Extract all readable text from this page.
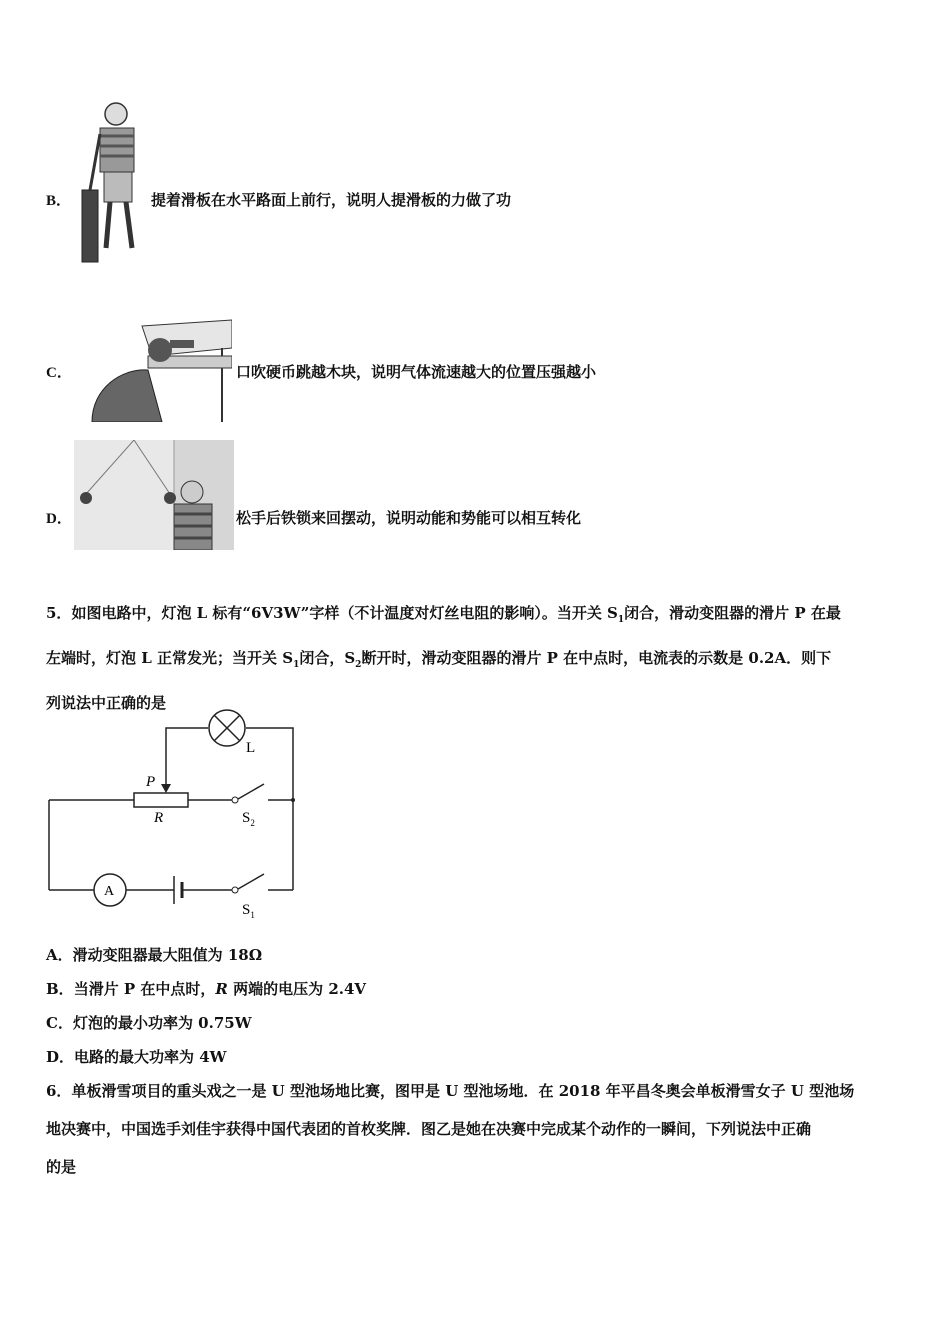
B．	提着滑板在水平路面上前行，说明人提滑板的力做了功
C．	口吹硬币跳越木块，说明气体流速越大的位置压强越小
D．	松手后铁锁来回摆动，说明动能和势能可以相互转化
5．如图电路中，灯泡 L 标有“6V3W”字样（不计温度对灯丝电阻的影响）。当开关 $S_1$闭合，滑动变阻器的滑片 P 在最
左端时，灯泡 L 正常发光；当开关 $S_1$闭合，$S_2$断开时，滑动变阻器的滑片 P 在中点时，电流表的示数是 0.2A．则下
列说法中正确的是
L
P
R	$S_2$
A
$S_1$
A．滑动变阻器最大阻值为 18Ω
B．当滑片 P 在中点时，R 两端的电压为 2.4V
C．灯泡的最小功率为 0.75W
D．电路的最大功率为 4W
6．单板滑雪项目的重头戏之一是 U 型池场地比赛，图甲是 U 型池场地．在 2018 年平昌冬奥会单板滑雪女子 U 型池场
地决赛中，中国选手刘佳宇获得中国代表团的首枚奖牌．图乙是她在决赛中完成某个动作的一瞬间，下列说法中正确
的是
